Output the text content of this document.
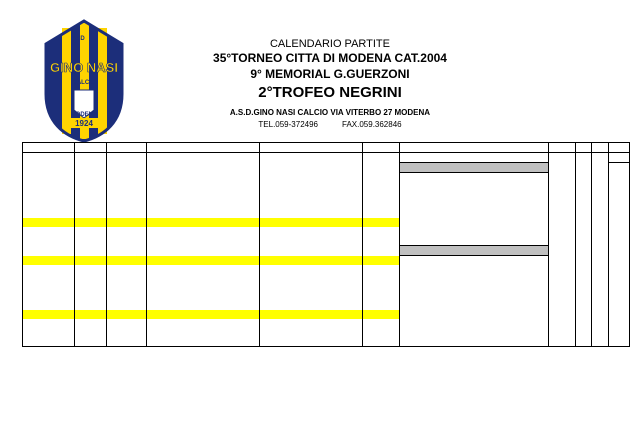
ASD
GINO NASI
CALCIO
MODENA
1924
CALENDARIO PARTITE
35°TORNEO CITTA DI MODENA CAT.2004
9° MEMORIAL G.GUERZONI
2°TROFEO NEGRINI
A.S.D.GINO NASI CALCIO VIA VITERBO 27 MODENA
TEL.059-372496	FAX.059.362846
